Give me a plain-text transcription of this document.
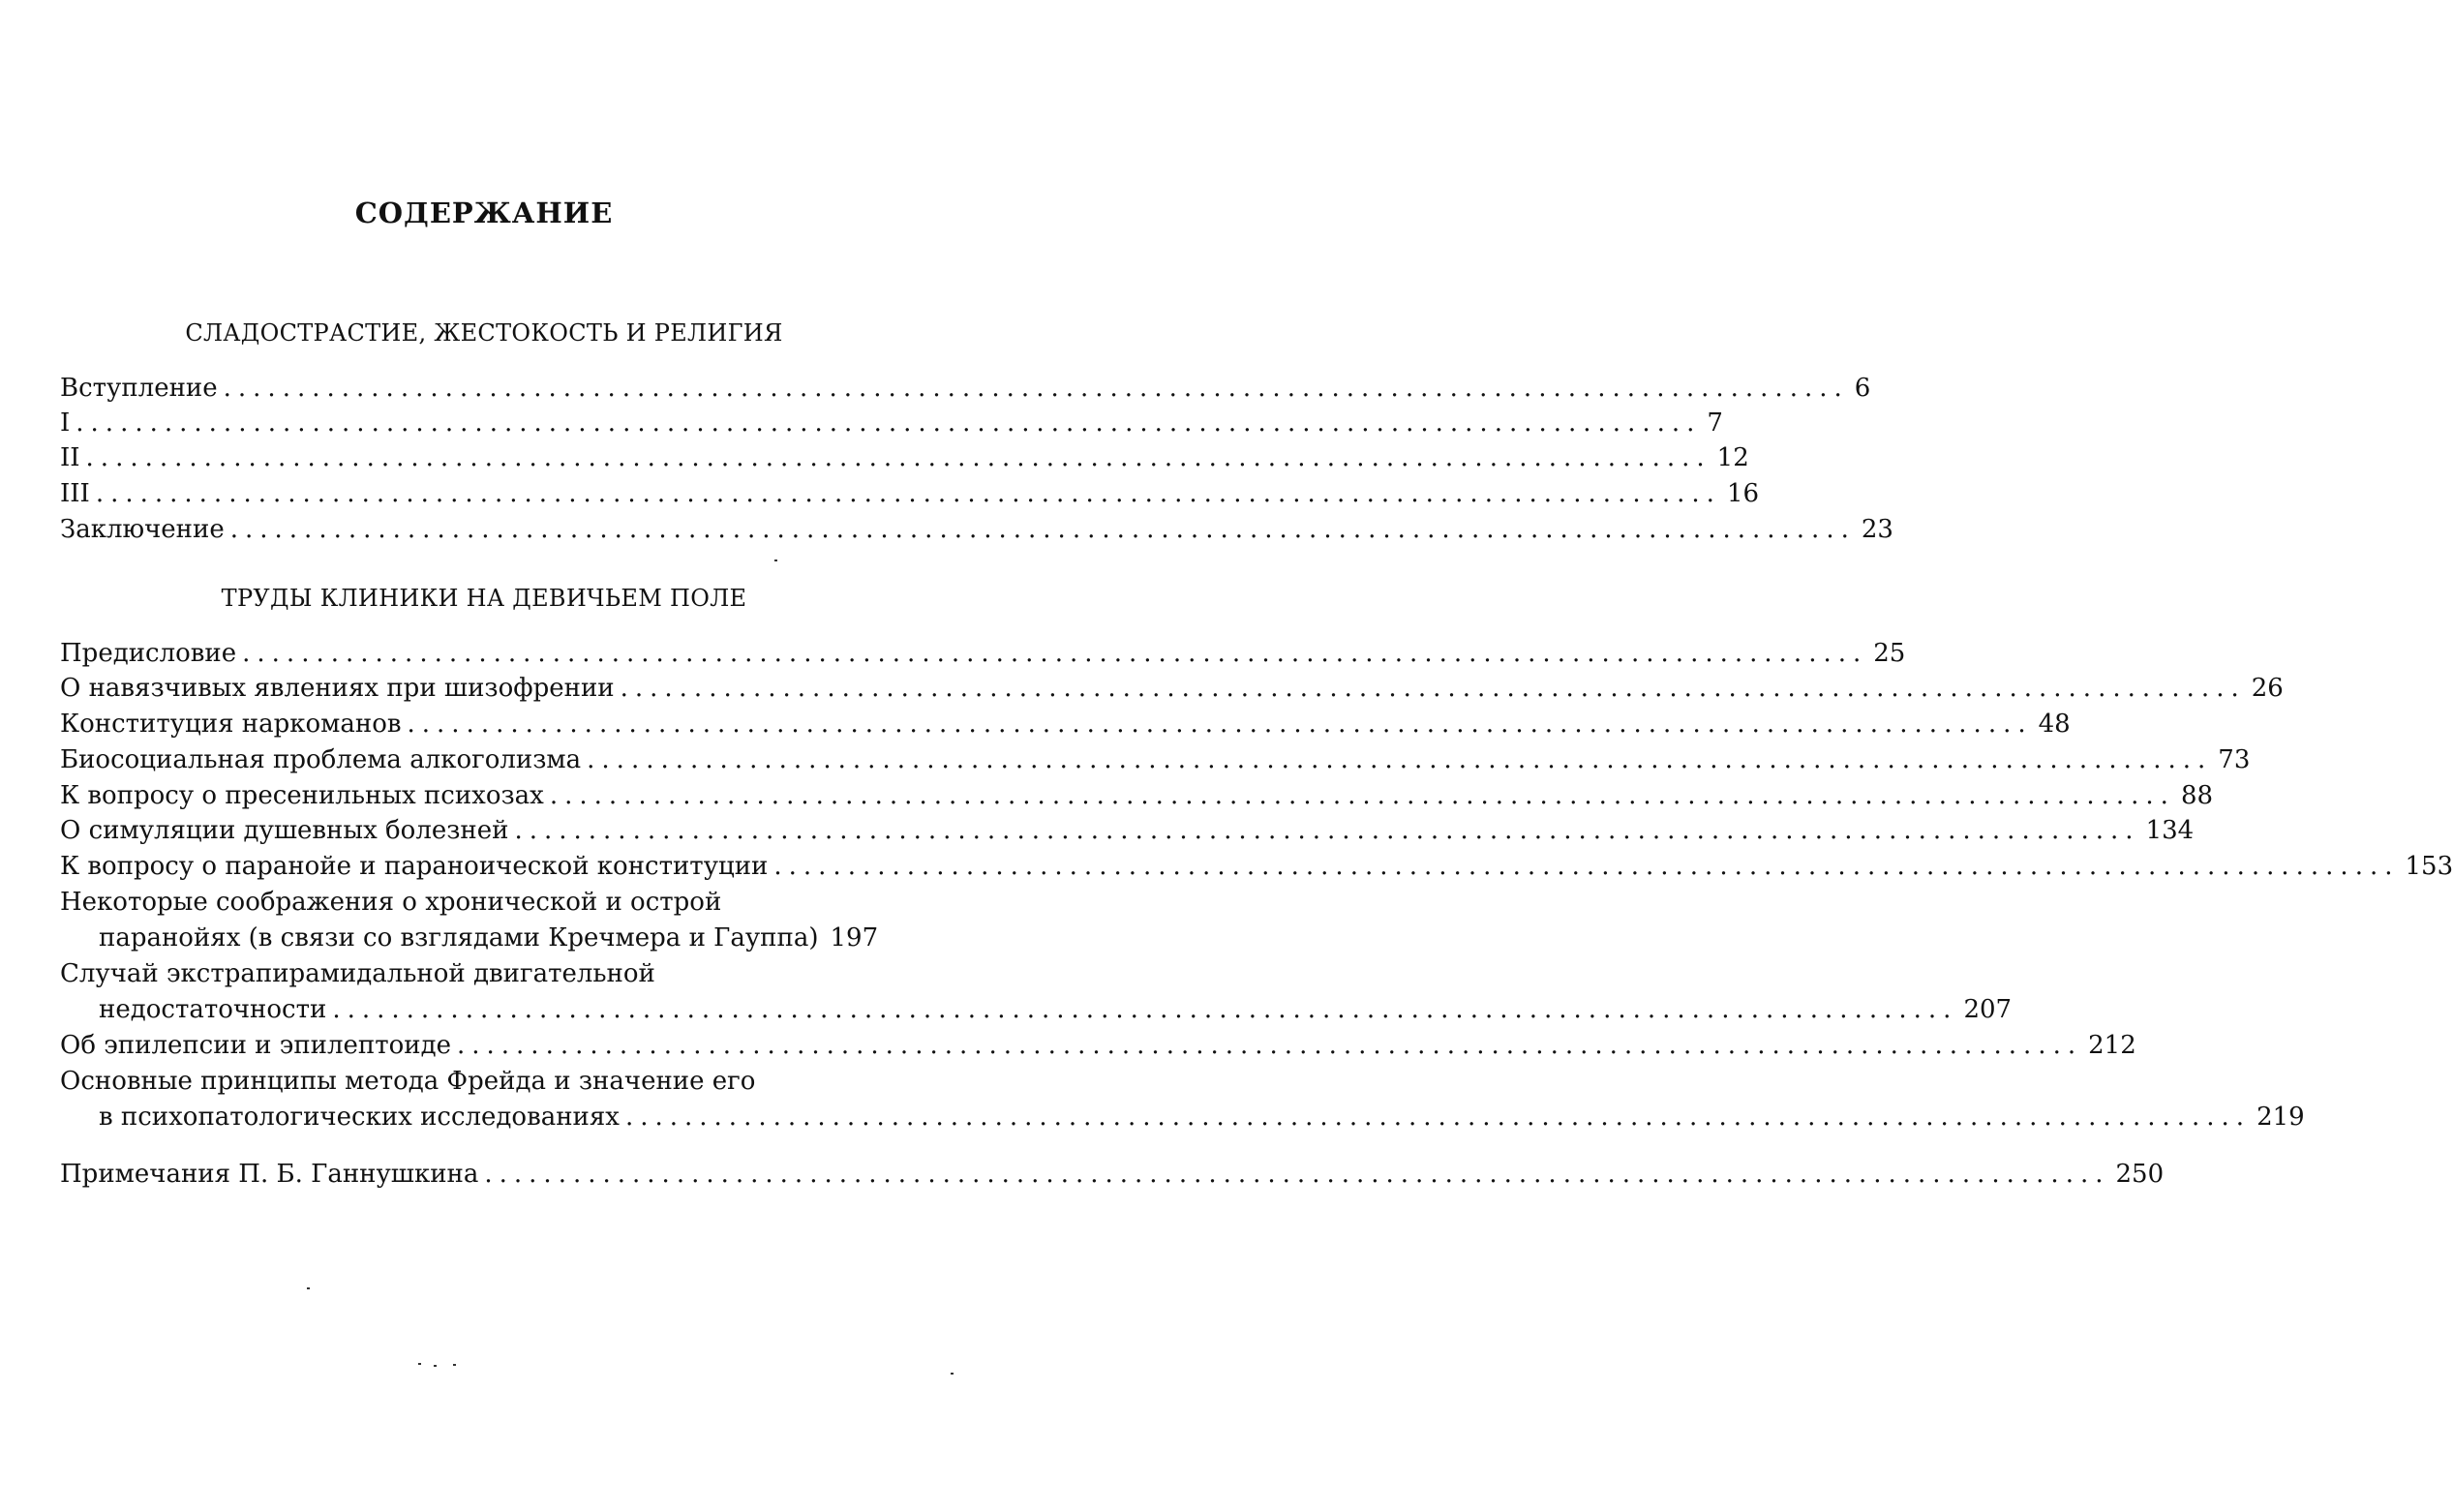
СОДЕРЖАНИЕ
СЛАДОСТРАСТИЕ, ЖЕСТОКОСТЬ И РЕЛИГИЯ
Вступление .............................................................................................................. 6
I .............................................................................................................. 7
II .............................................................................................................. 12
III .............................................................................................................. 16
Заключение .............................................................................................................. 23
ТРУДЫ КЛИНИКИ НА ДЕВИЧЬЕМ ПОЛЕ
Предисловие .............................................................................................................. 25
О навязчивых явлениях при шизофрении .............................................................................................................. 26
Конституция наркоманов .............................................................................................................. 48
Биосоциальная проблема алкоголизма .............................................................................................................. 73
К вопросу о пресенильных психозах .............................................................................................................. 88
О симуляции душевных болезней .............................................................................................................. 134
К вопросу о паранойе и параноической конституции .............................................................................................................. 153
Некоторые соображения о хронической и острой
паранойях (в связи со взглядами Кречмера и Гауппа) 197
Случай экстрапирамидальной двигательной
недостаточности .............................................................................................................. 207
Об эпилепсии и эпилептоиде .............................................................................................................. 212
Основные принципы метода Фрейда и значение его
в психопатологических исследованиях .............................................................................................................. 219
Примечания П. Б. Ганнушкина .............................................................................................................. 250
